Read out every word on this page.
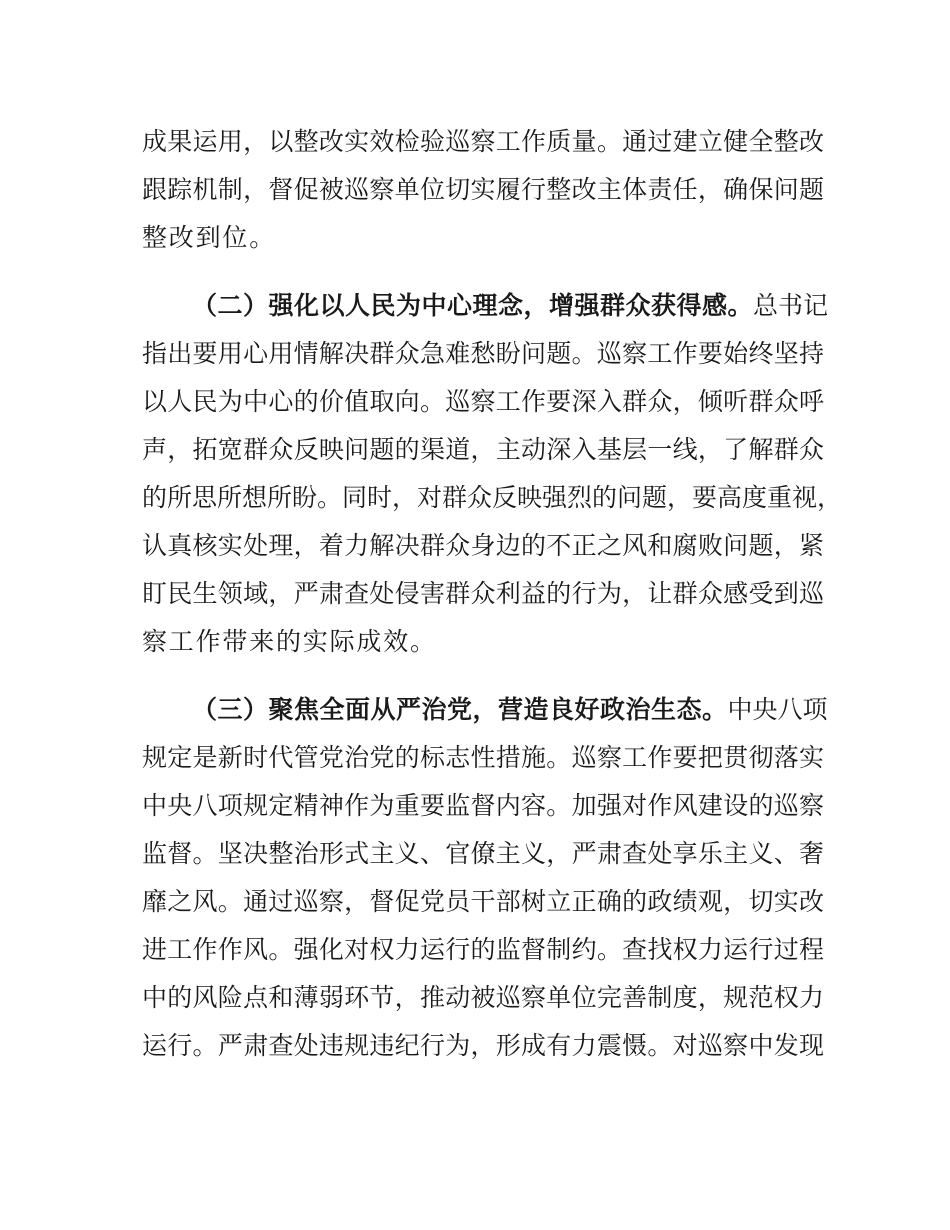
成果运用，以整改实效检验巡察工作质量。通过建立健全整改
跟踪机制，督促被巡察单位切实履行整改主体责任，确保问题
整改到位。
（二）强化以人民为中心理念，增强群众获得感。总书记
指出要用心用情解决群众急难愁盼问题。巡察工作要始终坚持
以人民为中心的价值取向。巡察工作要深入群众，倾听群众呼
声，拓宽群众反映问题的渠道，主动深入基层一线，了解群众
的所思所想所盼。同时，对群众反映强烈的问题，要高度重视，
认真核实处理，着力解决群众身边的不正之风和腐败问题，紧
盯民生领域，严肃查处侵害群众利益的行为，让群众感受到巡
察工作带来的实际成效。
（三）聚焦全面从严治党，营造良好政治生态。中央八项
规定是新时代管党治党的标志性措施。巡察工作要把贯彻落实
中央八项规定精神作为重要监督内容。加强对作风建设的巡察
监督。坚决整治形式主义、官僚主义，严肃查处享乐主义、奢
靡之风。通过巡察，督促党员干部树立正确的政绩观，切实改
进工作作风。强化对权力运行的监督制约。查找权力运行过程
中的风险点和薄弱环节，推动被巡察单位完善制度，规范权力
运行。严肃查处违规违纪行为，形成有力震慑。对巡察中发现
